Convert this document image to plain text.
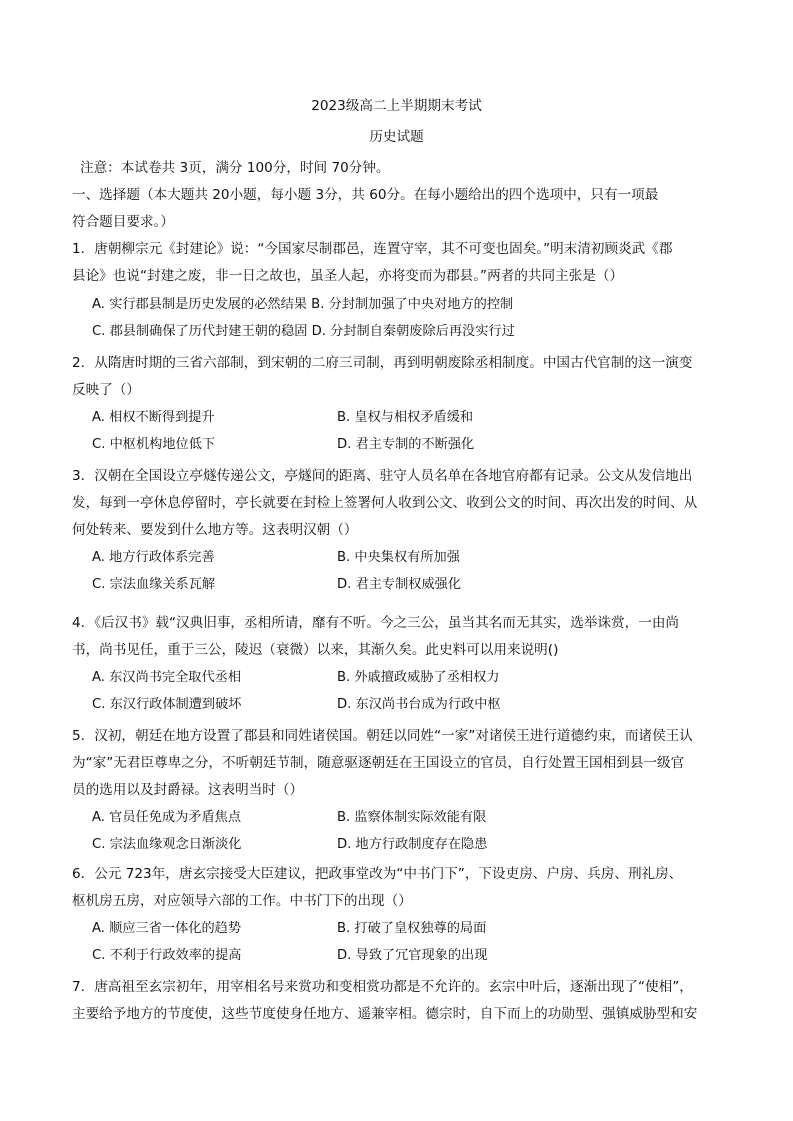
2023级高二上半期期末考试
历史试题
注意：本试卷共 3页，满分 100分，时间 70分钟。
一、选择题（本大题共 20小题，每小题 3分，共 60分。在每小题给出的四个选项中，只有一项最
符合题目要求。）
1．唐朝柳宗元《封建论》说：“今国家尽制郡邑，连置守宰，其不可变也固矣。”明末清初顾炎武《郡
县论》也说“封建之废，非一日之故也，虽圣人起，亦将变而为郡县。”两者的共同主张是（）
A. 实行郡县制是历史发展的必然结果 B. 分封制加强了中央对地方的控制
C. 郡县制确保了历代封建王朝的稳固 D. 分封制自秦朝废除后再没实行过
2．从隋唐时期的三省六部制，到宋朝的二府三司制，再到明朝废除丞相制度。中国古代官制的这一演变
反映了（）
A. 相权不断得到提升	B. 皇权与相权矛盾缓和
C. 中枢机构地位低下	D. 君主专制的不断强化
3．汉朝在全国设立亭燧传递公文，亭燧间的距离、驻守人员名单在各地官府都有记录。公文从发信地出
发，每到一亭休息停留时，亭长就要在封检上签署何人收到公文、收到公文的时间、再次出发的时间、从
何处转来、要发到什么地方等。这表明汉朝（）
A. 地方行政体系完善	B. 中央集权有所加强
C. 宗法血缘关系瓦解	D. 君主专制权威强化
4．《后汉书》载“汉典旧事，丞相所请，靡有不听。今之三公，虽当其名而无其实，选举诛赏，一由尚
书，尚书见任，重于三公，陵迟（衰微）以来，其渐久矣。此史料可以用来说明()
A. 东汉尚书完全取代丞相	B. 外戚擅政威胁了丞相权力
C. 东汉行政体制遭到破坏	D. 东汉尚书台成为行政中枢
5．汉初，朝廷在地方设置了郡县和同姓诸侯国。朝廷以同姓“一家”对诸侯王进行道德约束，而诸侯王认
为“家”无君臣尊卑之分，不听朝廷节制，随意驱逐朝廷在王国设立的官员，自行处置王国相到县一级官
员的选用以及封爵禄。这表明当时（）
A. 官员任免成为矛盾焦点	B. 监察体制实际效能有限
C. 宗法血缘观念日渐淡化	D. 地方行政制度存在隐患
6．公元 723年，唐玄宗接受大臣建议，把政事堂改为“中书门下”，下设吏房、户房、兵房、刑礼房、
枢机房五房，对应领导六部的工作。中书门下的出现（）
A. 顺应三省一体化的趋势	B. 打破了皇权独尊的局面
C. 不利于行政效率的提高	D. 导致了冗官现象的出现
7．唐高祖至玄宗初年，用宰相名号来赏功和变相赏功都是不允许的。玄宗中叶后，逐渐出现了“使相”，
主要给予地方的节度使，这些节度使身任地方、遥兼宰相。德宗时，自下而上的功勋型、强镇威胁型和安
